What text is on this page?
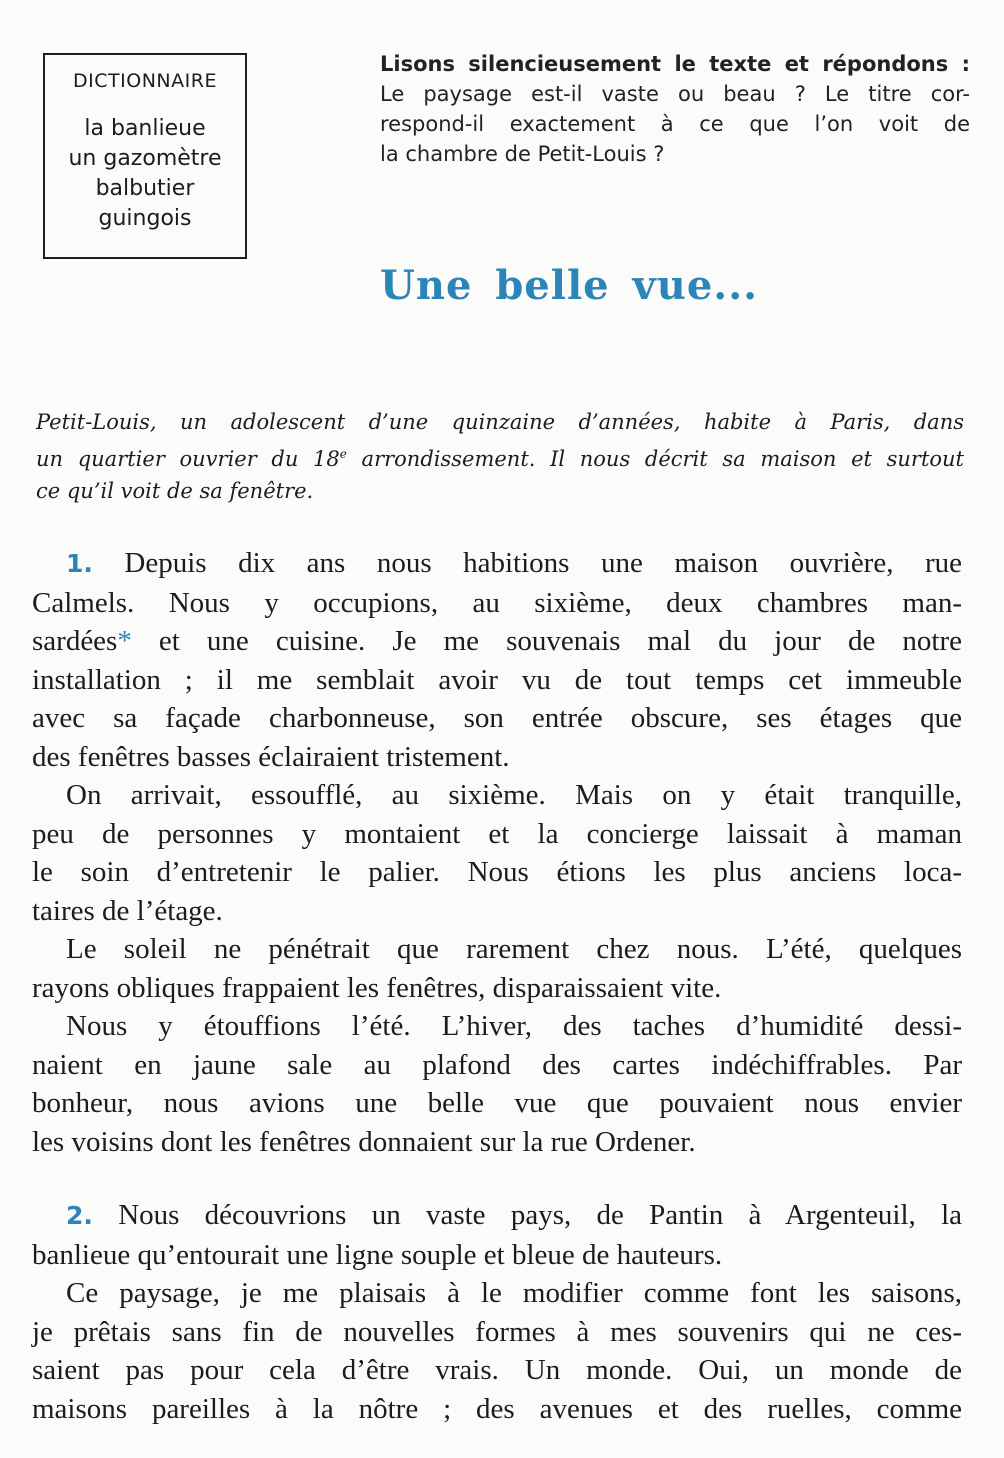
DICTIONNAIRE
la banlieue
un gazomètre
balbutier
guingois
Lisons silencieusement le texte et répondons :
Le paysage est-il vaste ou beau ? Le titre cor-
respond-il exactement à ce que l’on voit de
la chambre de Petit-Louis ?
Une belle vue...
Petit-Louis, un adolescent d’une quinzaine d’années, habite à Paris, dans
un quartier ouvrier du 18e arrondissement. Il nous décrit sa maison et surtout
ce qu’il voit de sa fenêtre.
1. Depuis dix ans nous habitions une maison ouvrière, rue
Calmels. Nous y occupions, au sixième, deux chambres man-
sardées* et une cuisine. Je me souvenais mal du jour de notre
installation ; il me semblait avoir vu de tout temps cet immeuble
avec sa façade charbonneuse, son entrée obscure, ses étages que
des fenêtres basses éclairaient tristement.
On arrivait, essoufflé, au sixième. Mais on y était tranquille,
peu de personnes y montaient et la concierge laissait à maman
le soin d’entretenir le palier. Nous étions les plus anciens loca-
taires de l’étage.
Le soleil ne pénétrait que rarement chez nous. L’été, quelques
rayons obliques frappaient les fenêtres, disparaissaient vite.
Nous y étouffions l’été. L’hiver, des taches d’humidité dessi-
naient en jaune sale au plafond des cartes indéchiffrables. Par
bonheur, nous avions une belle vue que pouvaient nous envier
les voisins dont les fenêtres donnaient sur la rue Ordener.
2. Nous découvrions un vaste pays, de Pantin à Argenteuil, la
banlieue qu’entourait une ligne souple et bleue de hauteurs.
Ce paysage, je me plaisais à le modifier comme font les saisons,
je prêtais sans fin de nouvelles formes à mes souvenirs qui ne ces-
saient pas pour cela d’être vrais. Un monde. Oui, un monde de
maisons pareilles à la nôtre ; des avenues et des ruelles, comme
